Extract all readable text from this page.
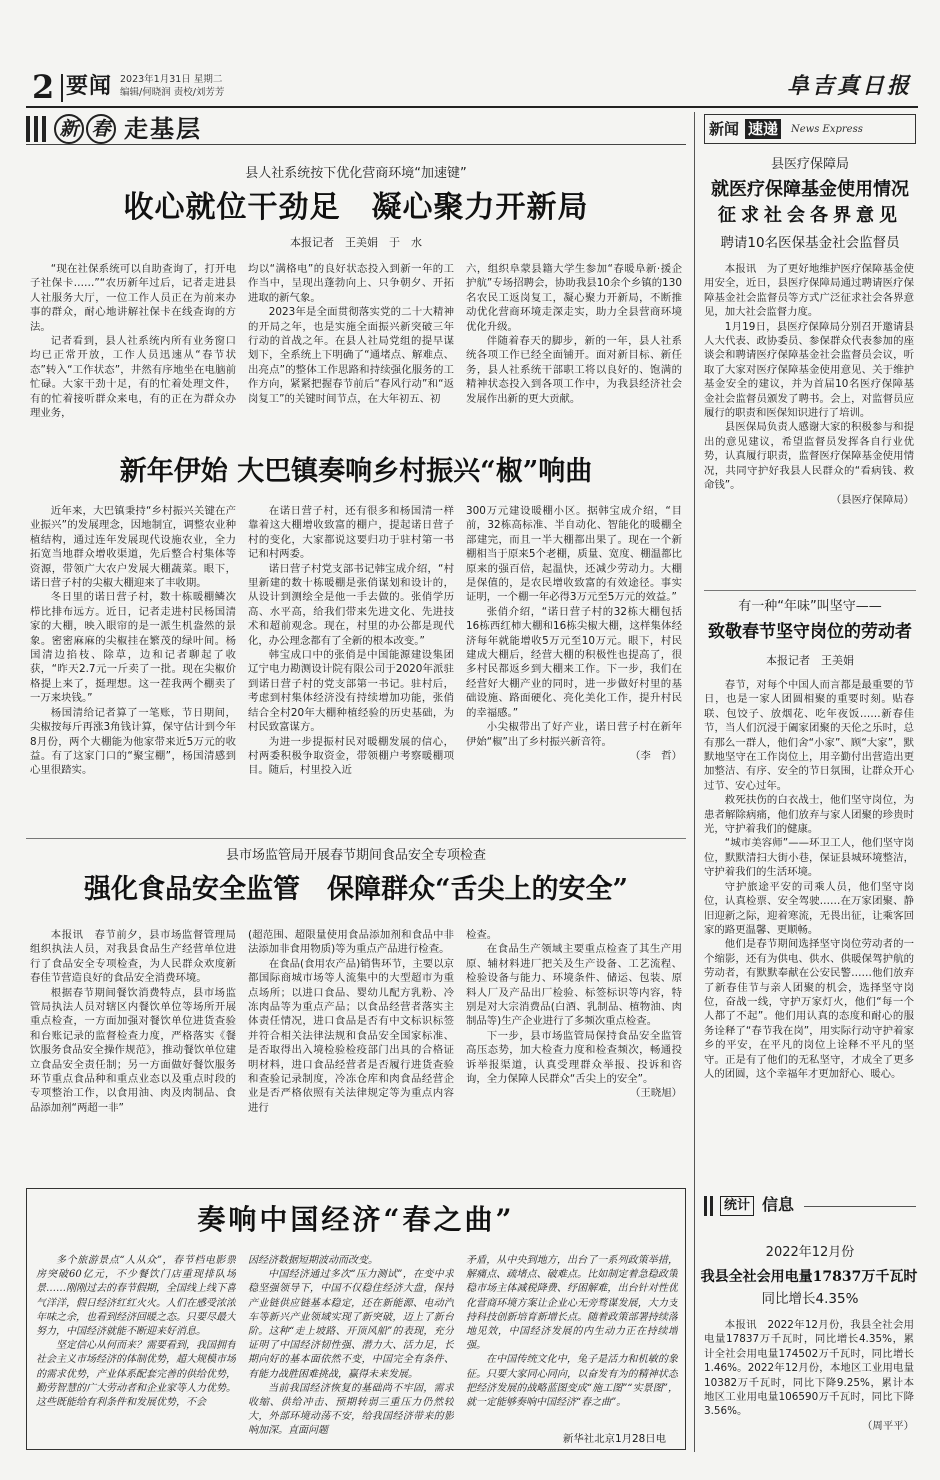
2 要闻 2023年1月31日 星期二
编辑/何晓润 责校/刘芳芳	阜吉真日报
新 春 走基层
县人社系统按下优化营商环境“加速键”
收心就位干劲足　凝心聚力开新局
本报记者　王美娟　于　水

“现在社保系统可以自助查询了，打开电子社保卡……”“农历新年过后，记者走进县人社服务大厅，一位工作人员正在为前来办事的群众，耐心地讲解社保卡在线查询的方法。

记者看到，县人社系统内所有业务窗口均已正常开放，工作人员迅速从“春节状态”转入“工作状态”，井然有序地坐在电脑前忙碌。大家干劲十足，有的忙着处理文件，有的忙着接听群众来电，有的正在为群众办理业务，

均以“满格电”的良好状态投入到新一年的工作当中，呈现出蓬勃向上、只争朝夕、开拓进取的新气象。

2023年是全面贯彻落实党的二十大精神的开局之年，也是实施全面振兴新突破三年行动的首战之年。在县人社局党组的提早谋划下，全系统上下明确了“通堵点、解难点、出亮点”的整体工作思路和持续强化服务的工作方向，紧紧把握春节前后“春风行动”和“返岗复工”的关键时间节点，在大年初五、初

六，组织阜蒙县籍大学生参加“春暖阜新·援企护航”专场招聘会，协助我县10余个乡镇的130名农民工返岗复工，凝心聚力开新局，不断推动优化营商环境走深走实，助力全县营商环境优化升级。

伴随着春天的脚步，新的一年，县人社系统各项工作已经全面铺开。面对新目标、新任务，县人社系统干部职工将以良好的、饱满的精神状态投入到各项工作中，为我县经济社会发展作出新的更大贡献。

新年伊始 大巴镇奏响乡村振兴“椒”响曲

近年来，大巴镇秉持“乡村振兴关键在产业振兴”的发展理念，因地制宜，调整农业种植结构，通过连年发展现代设施农业，全力拓宽当地群众增收渠道，先后整合村集体等资源，带领广大农户发展大棚蔬菜。眼下，诺日营子村的尖椒大棚迎来了丰收期。

冬日里的诺日营子村，数十栋暖棚鳞次栉比排布远方。近日，记者走进村民杨国清家的大棚，映入眼帘的是一派生机盎然的景象。密密麻麻的尖椒挂在繁茂的绿叶间。杨国清边掐枝、除草，边和记者聊起了收获，“昨天2.7元一斤卖了一批。现在尖椒价格提上来了，挺理想。这一茬我两个棚卖了一万来块钱。”

杨国清给记者算了一笔账，节日期间，尖椒按每斤再涨3角钱计算，保守估计到今年8月份，两个大棚能为他家带来近5万元的收益。有了这家门口的“聚宝棚”，杨国清感到心里很踏实。

在诺日营子村，还有很多和杨国清一样靠着这大棚增收致富的棚户，提起诺日营子村的变化，大家都说这要归功于驻村第一书记和村两委。

诺日营子村党支部书记韩宝成介绍，“村里新建的数十栋暖棚是张俏谋划和设计的，从设计到测绘全是他一手去做的。张俏学历高、水平高，给我们带来先进文化、先进技术和超前观念。现在，村里的办公都是现代化，办公理念都有了全新的根本改变。”

韩宝成口中的张俏是中国能源建设集团辽宁电力勘测设计院有限公司于2020年派驻到诺日营子村的党支部第一书记。驻村后，考虑到村集体经济没有持续增加功能，张俏结合全村20年大棚种植经验的历史基础，为村民致富谋方。

为进一步提振村民对暖棚发展的信心，村两委积极争取资金，带领棚户考察暖棚项目。随后，村里投入近

300万元建设暖棚小区。据韩宝成介绍，“目前，32栋高标准、半自动化、智能化的暖棚全部建完，而且一半大棚都出果了。现在一个新棚相当于原来5个老棚，质量、宽度、棚温都比原来的强百倍，起温快，还减少劳动力。大棚是保值的，是农民增收致富的有效途径。事实证明，一个棚一年必得3万元至5万元的效益。”

张俏介绍，“诺日营子村的32栋大棚包括16栋西红柿大棚和16栋尖椒大棚，这样集体经济每年就能增收5万元至10万元。眼下，村民建成大棚后，经营大棚的积极性也提高了，很多村民都返乡到大棚来工作。下一步，我们在经营好大棚产业的同时，进一步做好村里的基础设施、路面硬化、亮化美化工作，提升村民的幸福感。”

小尖椒带出了好产业，诺日营子村在新年伊始“椒”出了乡村振兴新音符。

（李　哲）
县市场监管局开展春节期间食品安全专项检查
强化食品安全监管　保障群众“舌尖上的安全”

本报讯　春节前夕，县市场监督管理局组织执法人员，对我县食品生产经营单位进行了食品安全专项检查，为人民群众欢度新春佳节营造良好的食品安全消费环境。

根据春节期间餐饮消费特点，县市场监管局执法人员对辖区内餐饮单位等场所开展重点检查，一方面加强对餐饮单位进货查验和台账记录的监督检查力度，严格落实《餐饮服务食品安全操作规范》，推动餐饮单位建立食品安全责任制；另一方面做好餐饮服务环节重点食品种和重点业态以及重点时段的专项整治工作，以食用油、肉及肉制品、食品添加剂“两超一非”

(超范围、超限量使用食品添加剂和食品中非法添加非食用物质)等为重点产品进行检查。

在食品(食用农产品)销售环节，主要以京都国际商城市场等人流集中的大型超市为重点场所；以进口食品、婴幼儿配方乳粉、冷冻肉品等为重点产品；以食品经营者落实主体责任情况，进口食品是否有中文标识标签并符合相关法律法规和食品安全国家标准、是否取得出入境检验检疫部门出具的合格证明材料，进口食品经营者是否履行进货查验和查验记录制度，冷冻仓库和肉食品经营企业是否严格依照有关法律规定等为重点内容进行

检查。

在食品生产领域主要重点检查了其生产用原、辅材料进厂把关及生产设备、工艺流程、检验设备与能力、环境条件、储运、包装、原料人厂及产品出厂检验、标签标识等内容，特别是对大宗消费品(白酒、乳制品、植物油、肉制品等)生产企业进行了多频次重点检查。

下一步，县市场监管局保持食品安全监管高压态势，加大检查力度和检查频次，畅通投诉举报渠道，认真受理群众举报、投诉和咨询，全力保障人民群众“舌尖上的安全”。

（王晓旭）
奏响中国经济“春之曲”

多个旅游景点“人从众”，春节档电影票房突破60亿元，不少餐饮门店重现排队场景……刚刚过去的春节假期，全国线上线下喜气洋洋，假日经济红红火火。人们在感受浓浓年味之余，也看到经济回暖之态。只要尽最大努力，中国经济就能不断迎来好消息。

坚定信心从何而来？需要看到，我国拥有社会主义市场经济的体制优势，超大规模市场的需求优势，产业体系配套完善的供给优势，勤劳智慧的广大劳动者和企业家等人力优势。这些既能给有利条件和发展优势，不会

因经济数据短期波动而改变。

中国经济通过多次“压力测试”，在变中求稳坚强领导下，中国不仅稳住经济大盘，保持产业链供应链基本稳定，还在新能源、电动汽车等新兴产业领域实现了新突破，迈上了新台阶。这种“走上坡路、开顶风船”的表现，充分证明了中国经济韧性强、潜力大、活力足，长期向好的基本面依然不变，中国完全有条件、有能力战胜困难挑战，赢得未来发展。

当前我国经济恢复的基础尚不牢固，需求收缩、供给冲击、预期转弱三重压力仍然较大，外部环境动荡不安，给我国经济带来的影响加深。直面问题

矛盾，从中央到地方，出台了一系列政策举措，解痛点、疏堵点、破难点。比如制定着急稳政策稳市场主体减税降费、纾困解难，出台针对性优化营商环境方案让企业心无旁骛谋发展，大力支持科技创新培育新增长点。随着政策部署持续落地见效，中国经济发展的内生动力正在持续增强。

在中国传统文化中，兔子是活力和机敏的象征。只要大家同心同向，以奋发有为的精神状态把经济发展的战略蓝图变成“施工图”“实景图”，就一定能够奏响中国经济“春之曲”。

新华社北京1月28日电
新闻 速递	News Express
县医疗保障局
就医疗保障基金使用情况
征求社会各界意见
聘请10名医保基金社会监督员

本报讯　为了更好地维护医疗保障基金使用安全，近日，县医疗保障局通过聘请医疗保障基金社会监督员等方式广泛征求社会各界意见，加大社会监督力度。

1月19日，县医疗保障局分别召开邀请县人大代表、政协委员、参保群众代表参加的座谈会和聘请医疗保障基金社会监督员会议，听取了大家对医疗保障基金使用意见、关于维护基金安全的建议，并为首届10名医疗保障基金社会监督员颁发了聘书。会上，对监督员应履行的职责和医保知识进行了培训。

县医保局负责人感谢大家的积极参与和提出的意见建议，希望监督员发挥各自行业优势，认真履行职责，监督医疗保障基金使用情况，共同守护好我县人民群众的“看病钱、救命钱”。

（县医疗保障局）
有一种“年味”叫坚守——
致敬春节坚守岗位的劳动者
本报记者　王美娟

春节，对每个中国人而言都是最重要的节日，也是一家人团圆相聚的重要时刻。贴春联、包饺子、放烟花、吃年夜饭……新春佳节，当人们沉浸于阖家团聚的天伦之乐时，总有那么一群人，他们舍“小家”、顾“大家”，默默地坚守在工作岗位上，用辛勤付出营造出更加整洁、有序、安全的节日氛围，让群众开心过节、安心过年。

救死扶伤的白衣战士，他们坚守岗位，为患者解除病痛，他们放弃与家人团聚的珍贵时光，守护着我们的健康。

“城市美容师”——环卫工人，他们坚守岗位，默默清扫大街小巷，保证县城环境整洁，守护着我们的生活环境。

守护旅途平安的司乘人员，他们坚守岗位，认真检票、安全驾驶……在万家团聚、静旧迎新之际，迎着寒流，无畏出征，让乘客回家的路更温馨、更顺畅。

他们是春节期间选择坚守岗位劳动者的一个缩影，还有为供电、供水、供暖保驾护航的劳动者，有默默奉献在公安民警……他们放弃了新春佳节与亲人团聚的机会，选择坚守岗位，奋战一线，守护万家灯火，他们“每一个人都了不起”。他们用认真的态度和耐心的服务诠释了“春节我在岗”，用实际行动守护着家乡的平安，在平凡的岗位上诠释不平凡的坚守。正是有了他们的无私坚守，才成全了更多人的团圆，这个幸福年才更加舒心、暖心。

统计 信息
2022年12月份
我县全社会用电量17837万千瓦时
同比增长4.35%

本报讯　2022年12月份，我县全社会用电量17837万千瓦时，同比增长4.35%，累计全社会用电量174502万千瓦时，同比增长1.46%。2022年12月份，本地区工业用电量10382万千瓦时，同比下降9.25%，累计本地区工业用电量106590万千瓦时，同比下降3.56%。

（周平平）
